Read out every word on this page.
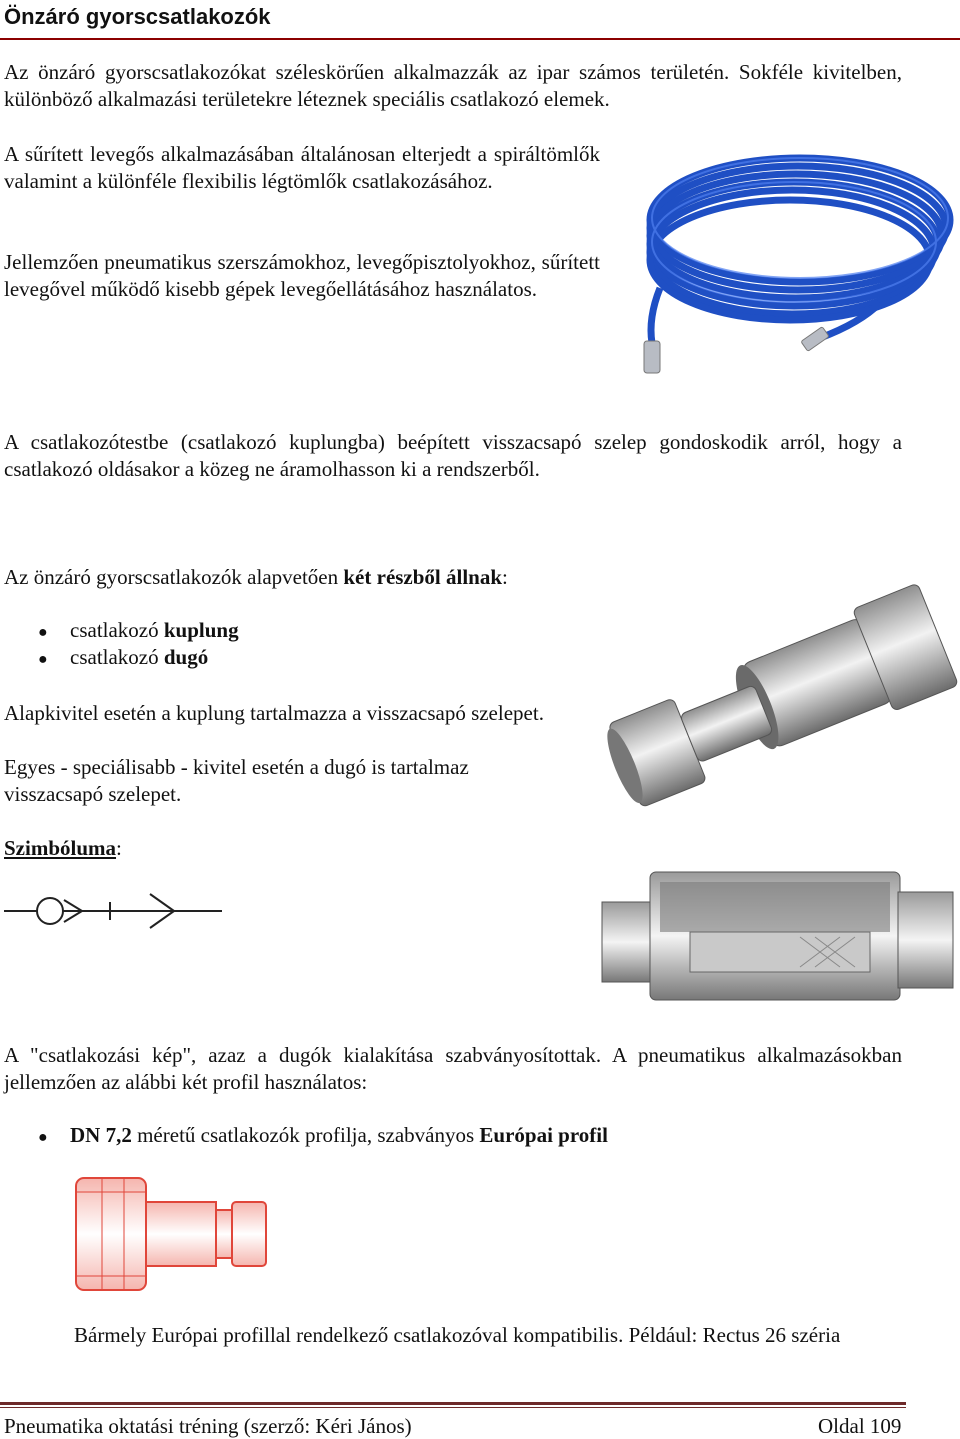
Önzáró gyorscsatlakozók

Az önzáró gyorscsatlakozókat széleskörűen alkalmazzák az ipar számos területén. Sokféle kivitelben, különböző alkalmazási területekre léteznek speciális csatlakozó elemek.

A sűrített levegős alkalmazásában általánosan elterjedt a spiráltömlők valamint a különféle flexibilis légtömlők csatlakozásához.

Jellemzően pneumatikus szerszámokhoz, levegőpisztolyokhoz, sűrített levegővel működő kisebb gépek levegőellátásához használatos.

A csatlakozótestbe (csatlakozó kuplungba) beépített visszacsapó szelep gondoskodik arról, hogy a csatlakozó oldásakor a közeg ne áramolhasson ki a rendszerből.

Az önzáró gyorscsatlakozók alapvetően két részből állnak:

●	csatlakozó kuplung
●	csatlakozó dugó

Alapkivitel esetén a kuplung tartalmazza a visszacsapó szelepet.

Egyes - speciálisabb - kivitel esetén a dugó is tartalmaz visszacsapó szelepet.

Szimbóluma:

A "csatlakozási kép", azaz a dugók kialakítása szabványosítottak. A pneumatikus alkalmazásokban jellemzően az alábbi két profil használatos:

●	DN 7,2 méretű csatlakozók profilja, szabványos Európai profil

Bármely Európai profillal rendelkező csatlakozóval kompatibilis. Például: Rectus 26 széria

Pneumatika oktatási tréning (szerző: Kéri János)	Oldal 109
